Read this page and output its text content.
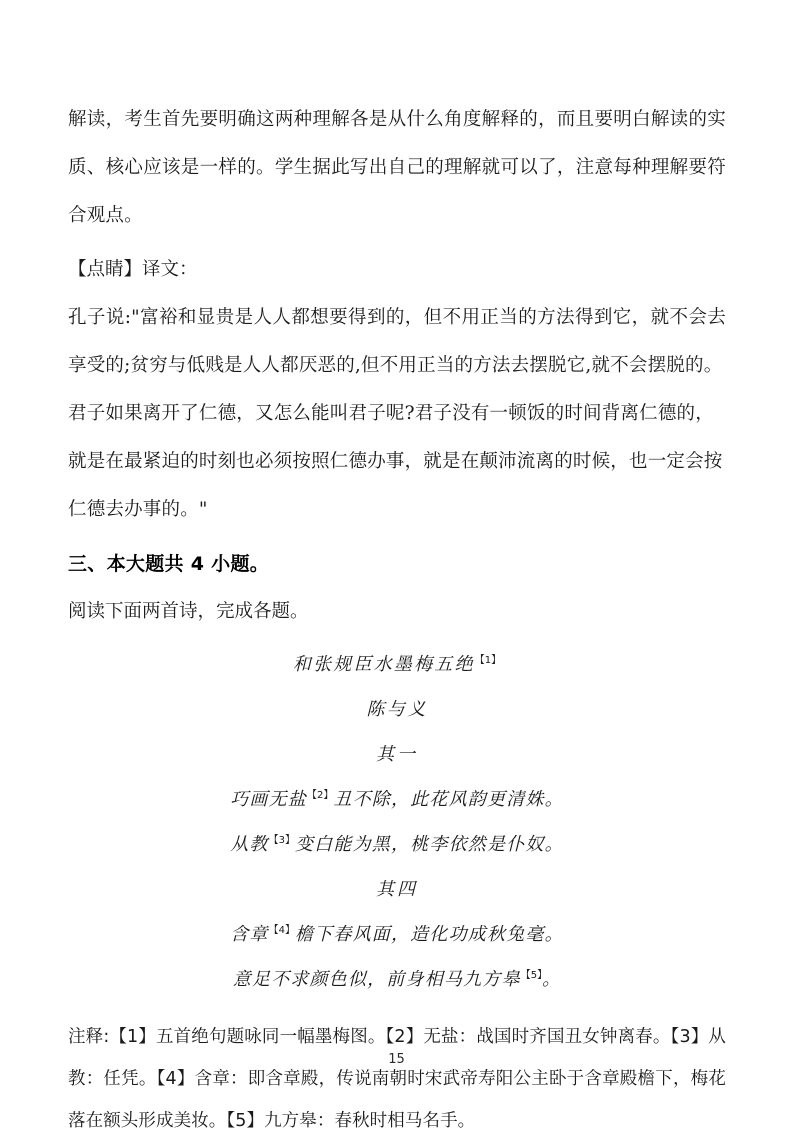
解读，考生首先要明确这两种理解各是从什么角度解释的，而且要明白解读的实质、核心应该是一样的。学生据此写出自己的理解就可以了，注意每种理解要符合观点。

【点睛】译文：

孔子说:"富裕和显贵是人人都想要得到的，但不用正当的方法得到它，就不会去享受的;贫穷与低贱是人人都厌恶的,但不用正当的方法去摆脱它,就不会摆脱的。

君子如果离开了仁德，又怎么能叫君子呢?君子没有一顿饭的时间背离仁德的，就是在最紧迫的时刻也必须按照仁德办事，就是在颠沛流离的时候，也一定会按仁德去办事的。"

三、本大题共 4 小题。

阅读下面两首诗，完成各题。

和张规臣水墨梅五绝$^{【1】}$

陈与义

其一

巧画无盐$^{【2】}$丑不除，此花风韵更清姝。

从教$^{【3】}$变白能为黑，桃李依然是仆奴。

其四

含章$^{【4】}$檐下春风面，造化功成秋兔毫。

意足不求颜色似，前身相马九方皋$^{【5】}$。

注释:【1】五首绝句题咏同一幅墨梅图。【2】无盐：战国时齐国丑女钟离春。【3】从教：任凭。【4】含章：即含章殿，传说南朝时宋武帝寿阳公主卧于含章殿檐下，梅花落在额头形成美妆。【5】九方皋：春秋时相马名手。

15
